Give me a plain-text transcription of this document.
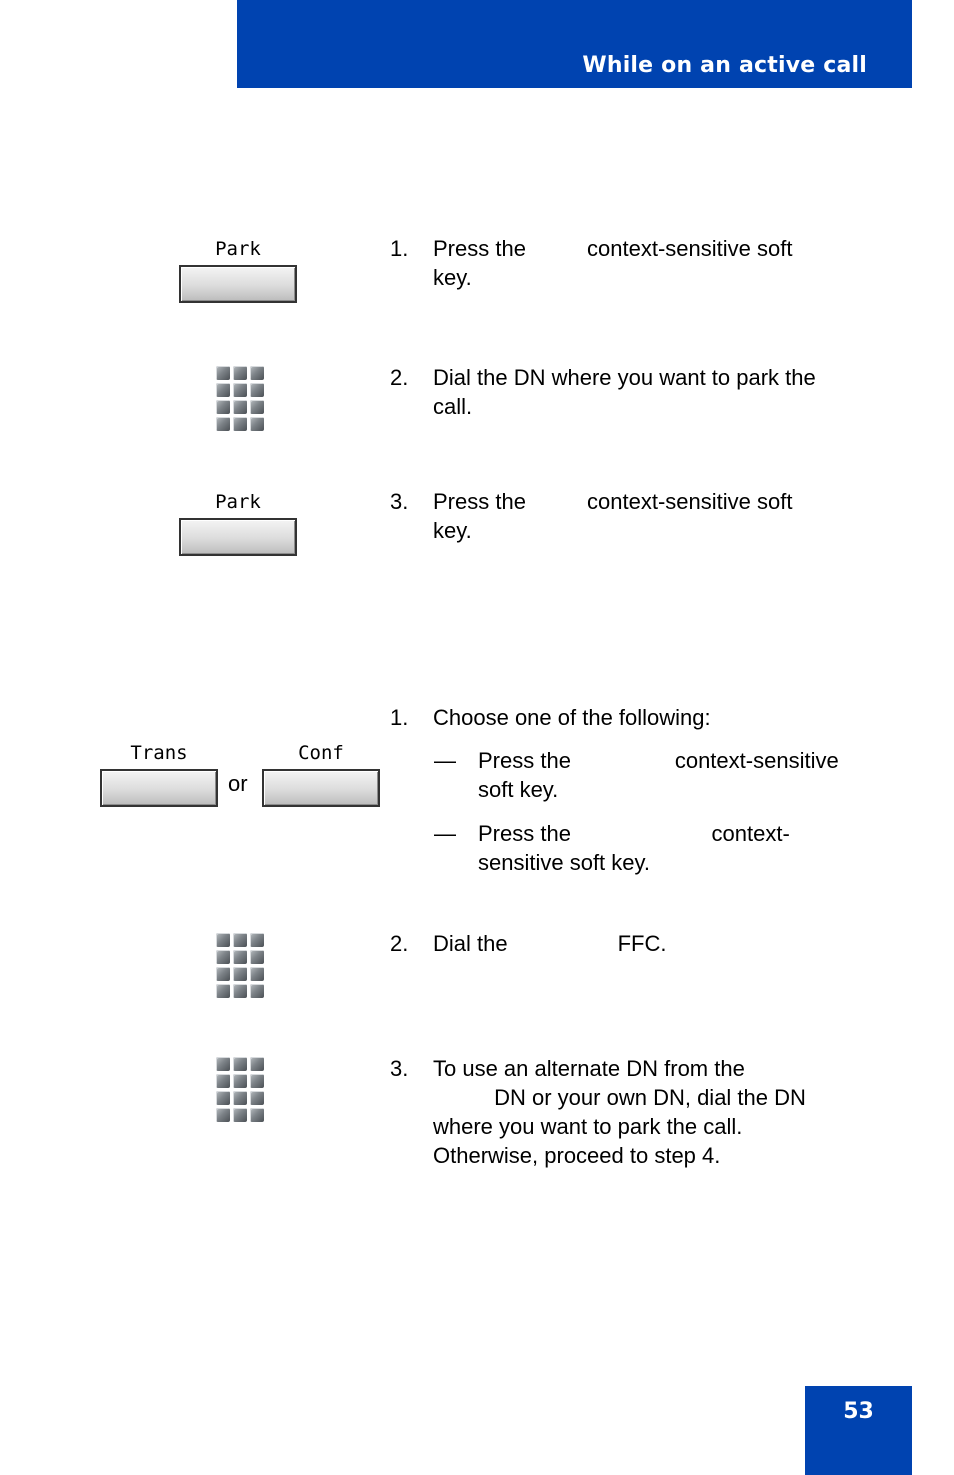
While on an active call
Park	1. Press the          context-sensitive soft
key.
2. Dial the DN where you want to park the
call.
Park	3. Press the          context-sensitive soft
key.
1. Choose one of the following:
Trans
or
Conf	— Press the                 context-sensitive
soft key.
— Press the                       context-
sensitive soft key.
2. Dial the                  FFC.
3. To use an alternate DN from the
DN or your own DN, dial the DN
where you want to park the call.
Otherwise, proceed to step 4.
53
